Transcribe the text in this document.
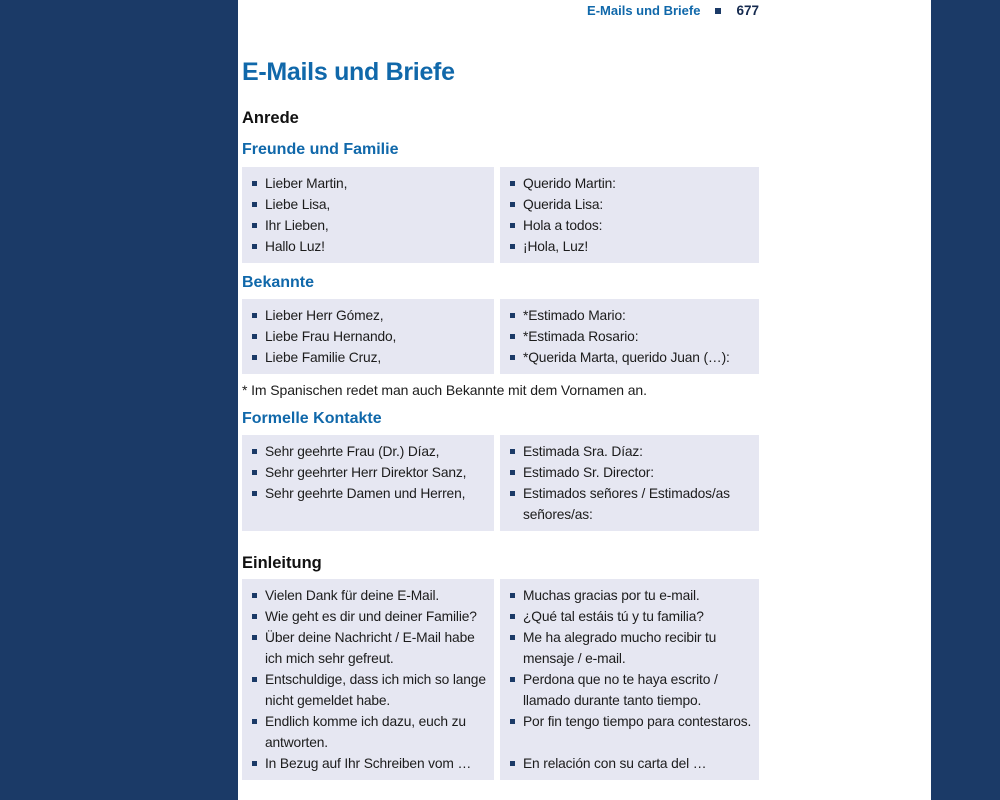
E-Mails und Briefe	677
E-Mails und Briefe
Anrede
Freunde und Familie
Lieber Martin,		Querido Martin:

Liebe Lisa,		Querida Lisa:

Ihr Lieben,		Hola a todos:

Hallo Luz!		¡Hola, Luz!
Bekannte
Lieber Herr Gómez,		*Estimado Mario:

Liebe Frau Hernando,		*Estimada Rosario:

Liebe Familie Cruz,		*Querida Marta, querido Juan (…):
* Im Spanischen redet man auch Bekannte mit dem Vornamen an.
Formelle Kontakte
Sehr geehrte Frau (Dr.) Díaz,		Estimada Sra. Díaz:

Sehr geehrter Herr Direktor Sanz,		Estimado Sr. Director:

Sehr geehrte Damen und Herren,		Estimados señores / Estimados/as señores/as:
Einleitung
Vielen Dank für deine E-Mail.		Muchas gracias por tu e-mail.

Wie geht es dir und deiner Familie?		¿Qué tal estáis tú y tu familia?

Über deine Nachricht / E-Mail habe ich mich sehr gefreut.		Me ha alegrado mucho recibir tu mensaje / e-mail.

Entschuldige, dass ich mich so lange nicht gemeldet habe.		Perdona que no te haya escrito / llamado durante tanto tiempo.

Endlich komme ich dazu, euch zu antworten.		Por fin tengo tiempo para contestaros.

In Bezug auf Ihr Schreiben vom …		En relación con su carta del …
